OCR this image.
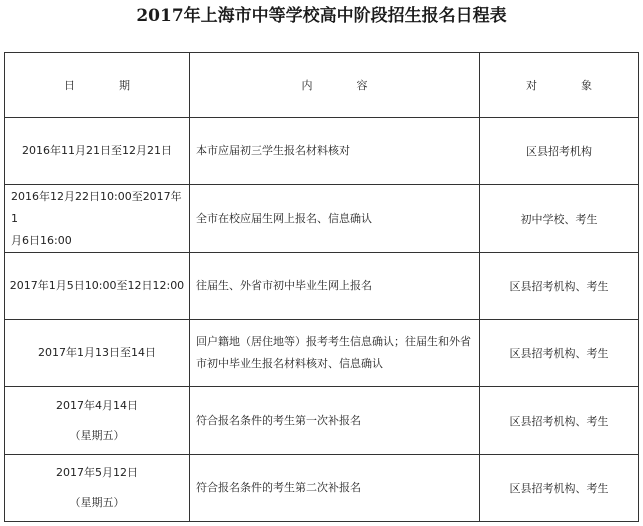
2017年上海市中等学校高中阶段招生报名日程表
日　　　　期	内　　　　容	对　　　　象
2016年11月21日至12月21日	本市应届初三学生报名材料核对	区县招考机构

2016年12月22日10:00至2017年1
月6日16:00	全市在校应届生网上报名、信息确认	初中学校、考生
2017年1月5日10:00至12日12:00	往届生、外省市初中毕业生网上报名	区县招考机构、考生
2017年1月13日至14日	回户籍地（居住地等）报考考生信息确认；往届生和外省市初中毕业生报名材料核对、信息确认	区县招考机构、考生

2017年4月14日
（星期五）	符合报名条件的考生第一次补报名	区县招考机构、考生

2017年5月12日
（星期五）	符合报名条件的考生第二次补报名	区县招考机构、考生
